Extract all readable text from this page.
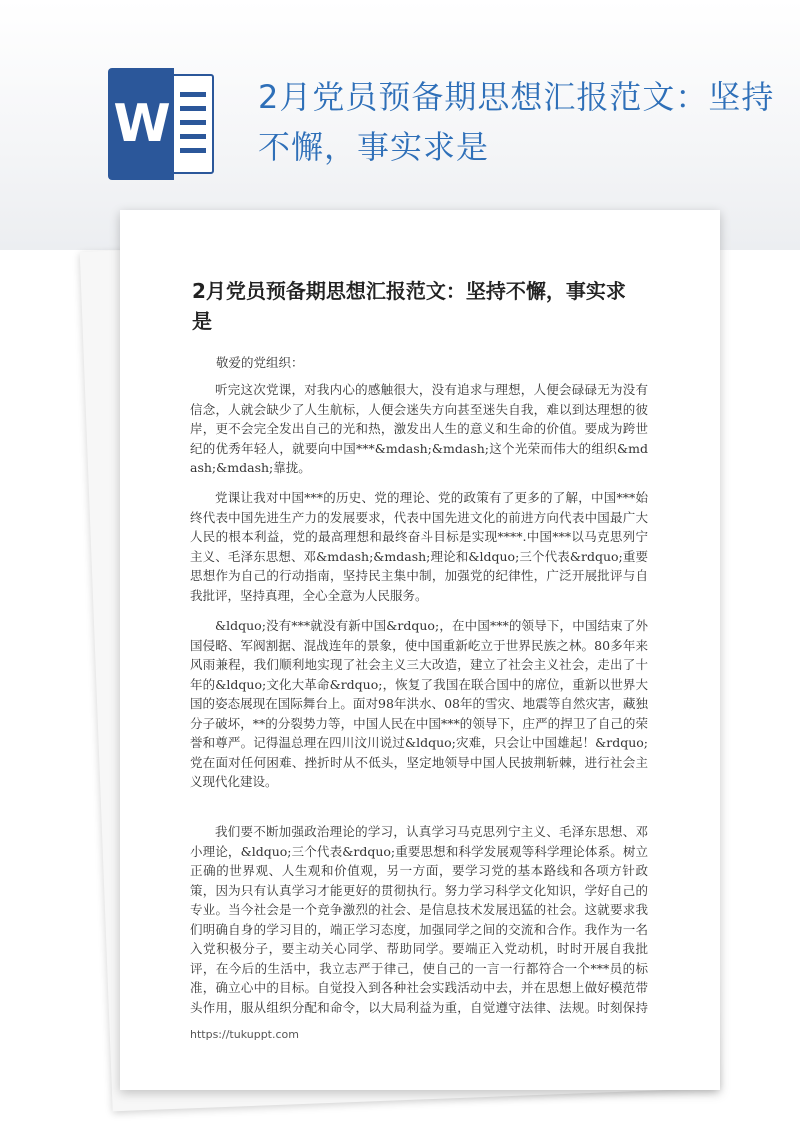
W	2月党员预备期思想汇报范文：坚持不懈，事实求是
2月党员预备期思想汇报范文：坚持不懈，事实求是

敬爱的党组织：

听完这次党课，对我内心的感触很大，没有追求与理想，人便会碌碌无为没有信念，人就会缺少了人生航标，人便会迷失方向甚至迷失自我，难以到达理想的彼岸，更不会完全发出自己的光和热，激发出人生的意义和生命的价值。要成为跨世纪的优秀年轻人，就要向中国***&mdash;&mdash;这个光荣而伟大的组织&mdash;&mdash;靠拢。

党课让我对中国***的历史、党的理论、党的政策有了更多的了解，中国***始终代表中国先进生产力的发展要求，代表中国先进文化的前进方向代表中国最广大人民的根本利益，党的最高理想和最终奋斗目标是实现****.中国***以马克思列宁主义、毛泽东思想、邓&mdash;&mdash;理论和&ldquo;三个代表&rdquo;重要思想作为自己的行动指南，坚持民主集中制，加强党的纪律性，广泛开展批评与自我批评，坚持真理，全心全意为人民服务。

&ldquo;没有***就没有新中国&rdquo;，在中国***的领导下，中国结束了外国侵略、军阀割据、混战连年的景象，使中国重新屹立于世界民族之林。80多年来风雨兼程，我们顺利地实现了社会主义三大改造，建立了社会主义社会，走出了十年的&ldquo;文化大革命&rdquo;，恢复了我国在联合国中的席位，重新以世界大国的姿态展现在国际舞台上。面对98年洪水、08年的雪灾、地震等自然灾害，藏独分子破坏，**的分裂势力等，中国人民在中国***的领导下，庄严的捍卫了自己的荣誉和尊严。记得温总理在四川汶川说过&ldquo;灾难，只会让中国雄起！&rdquo;党在面对任何困难、挫折时从不低头，坚定地领导中国人民披荆斩棘，进行社会主义现代化建设。

我们要不断加强政治理论的学习，认真学习马克思列宁主义、毛泽东思想、邓小理论，&ldquo;三个代表&rdquo;重要思想和科学发展观等科学理论体系。树立正确的世界观、人生观和价值观，另一方面，要学习党的基本路线和各项方针政策，因为只有认真学习才能更好的贯彻执行。努力学习科学文化知识，学好自己的专业。当今社会是一个竞争激烈的社会、是信息技术发展迅猛的社会。这就要求我们明确自身的学习目的，端正学习态度，加强同学之间的交流和合作。我作为一名入党积极分子，要主动关心同学、帮助同学。要端正入党动机，时时开展自我批评，在今后的生活中，我立志严于律己，使自己的一言一行都符合一个***员的标准，确立心中的目标。自觉投入到各种社会实践活动中去，并在思想上做好模范带头作用，服从组织分配和命令，以大局利益为重，自觉遵守法律、法规。时刻保持

https://tukuppt.com
